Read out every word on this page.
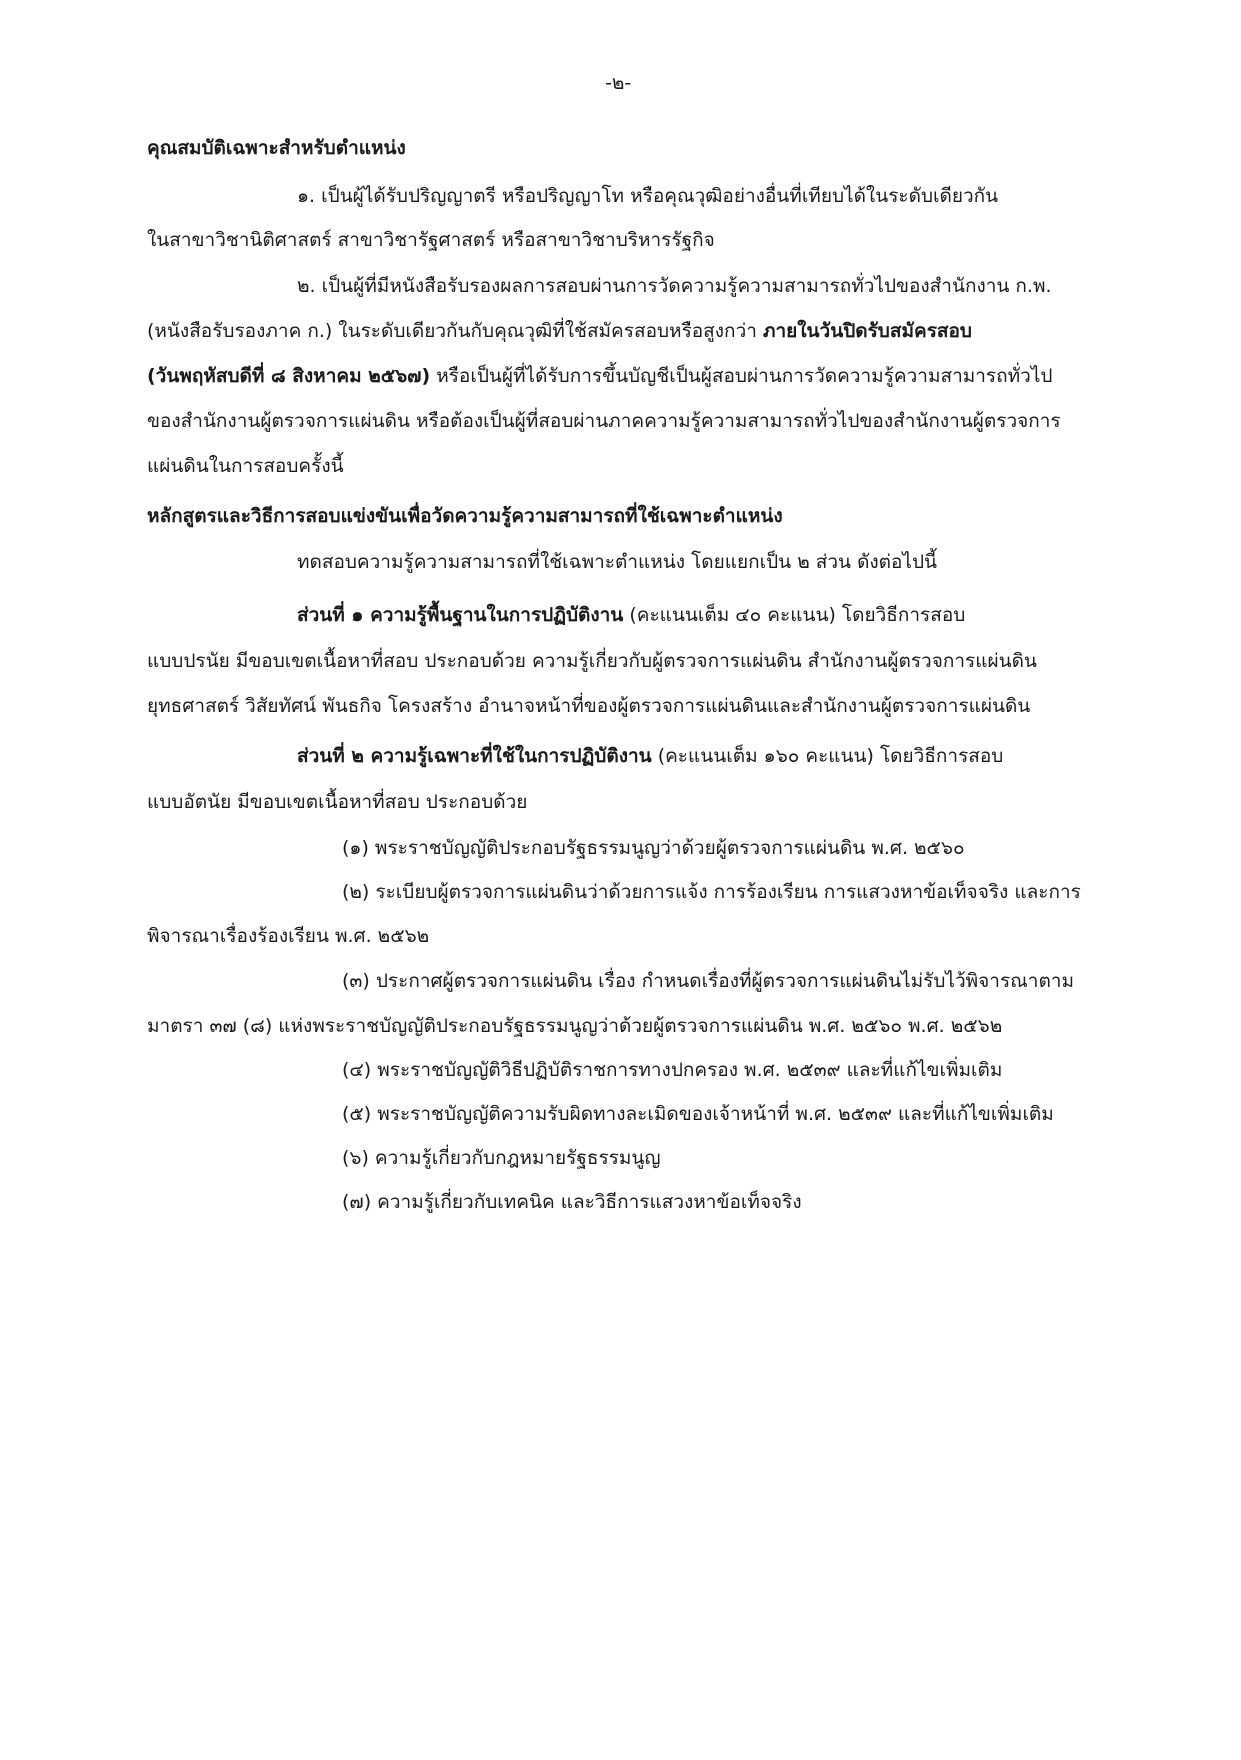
-๒-
คุณสมบัติเฉพาะสำหรับตำแหน่ง
๑. เป็นผู้ได้รับปริญญาตรี หรือปริญญาโท หรือคุณวุฒิอย่างอื่นที่เทียบได้ในระดับเดียวกัน
ในสาขาวิชานิติศาสตร์ สาขาวิชารัฐศาสตร์ หรือสาขาวิชาบริหารรัฐกิจ
๒. เป็นผู้ที่มีหนังสือรับรองผลการสอบผ่านการวัดความรู้ความสามารถทั่วไปของสำนักงาน ก.พ.
(หนังสือรับรองภาค ก.) ในระดับเดียวกันกับคุณวุฒิที่ใช้สมัครสอบหรือสูงกว่า ภายในวันปิดรับสมัครสอบ
(วันพฤหัสบดีที่ ๘ สิงหาคม ๒๕๖๗) หรือเป็นผู้ที่ได้รับการขึ้นบัญชีเป็นผู้สอบผ่านการวัดความรู้ความสามารถทั่วไป
ของสำนักงานผู้ตรวจการแผ่นดิน หรือต้องเป็นผู้ที่สอบผ่านภาคความรู้ความสามารถทั่วไปของสำนักงานผู้ตรวจการ
แผ่นดินในการสอบครั้งนี้
หลักสูตรและวิธีการสอบแข่งขันเพื่อวัดความรู้ความสามารถที่ใช้เฉพาะตำแหน่ง
ทดสอบความรู้ความสามารถที่ใช้เฉพาะตำแหน่ง โดยแยกเป็น ๒ ส่วน ดังต่อไปนี้
ส่วนที่ ๑ ความรู้พื้นฐานในการปฏิบัติงาน (คะแนนเต็ม ๔๐ คะแนน) โดยวิธีการสอบ
แบบปรนัย มีขอบเขตเนื้อหาที่สอบ ประกอบด้วย ความรู้เกี่ยวกับผู้ตรวจการแผ่นดิน สำนักงานผู้ตรวจการแผ่นดิน
ยุทธศาสตร์ วิสัยทัศน์ พันธกิจ โครงสร้าง อำนาจหน้าที่ของผู้ตรวจการแผ่นดินและสำนักงานผู้ตรวจการแผ่นดิน
ส่วนที่ ๒ ความรู้เฉพาะที่ใช้ในการปฏิบัติงาน (คะแนนเต็ม ๑๖๐ คะแนน) โดยวิธีการสอบ
แบบอัตนัย มีขอบเขตเนื้อหาที่สอบ ประกอบด้วย
(๑) พระราชบัญญัติประกอบรัฐธรรมนูญว่าด้วยผู้ตรวจการแผ่นดิน พ.ศ. ๒๕๖๐
(๒) ระเบียบผู้ตรวจการแผ่นดินว่าด้วยการแจ้ง การร้องเรียน การแสวงหาข้อเท็จจริง และการ
พิจารณาเรื่องร้องเรียน พ.ศ. ๒๕๖๒
(๓) ประกาศผู้ตรวจการแผ่นดิน เรื่อง กำหนดเรื่องที่ผู้ตรวจการแผ่นดินไม่รับไว้พิจารณาตาม
มาตรา ๓๗ (๘) แห่งพระราชบัญญัติประกอบรัฐธรรมนูญว่าด้วยผู้ตรวจการแผ่นดิน พ.ศ. ๒๕๖๐ พ.ศ. ๒๕๖๒
(๔) พระราชบัญญัติวิธีปฏิบัติราชการทางปกครอง พ.ศ. ๒๕๓๙ และที่แก้ไขเพิ่มเติม
(๕) พระราชบัญญัติความรับผิดทางละเมิดของเจ้าหน้าที่ พ.ศ. ๒๕๓๙ และที่แก้ไขเพิ่มเติม
(๖) ความรู้เกี่ยวกับกฎหมายรัฐธรรมนูญ
(๗) ความรู้เกี่ยวกับเทคนิค และวิธีการแสวงหาข้อเท็จจริง
